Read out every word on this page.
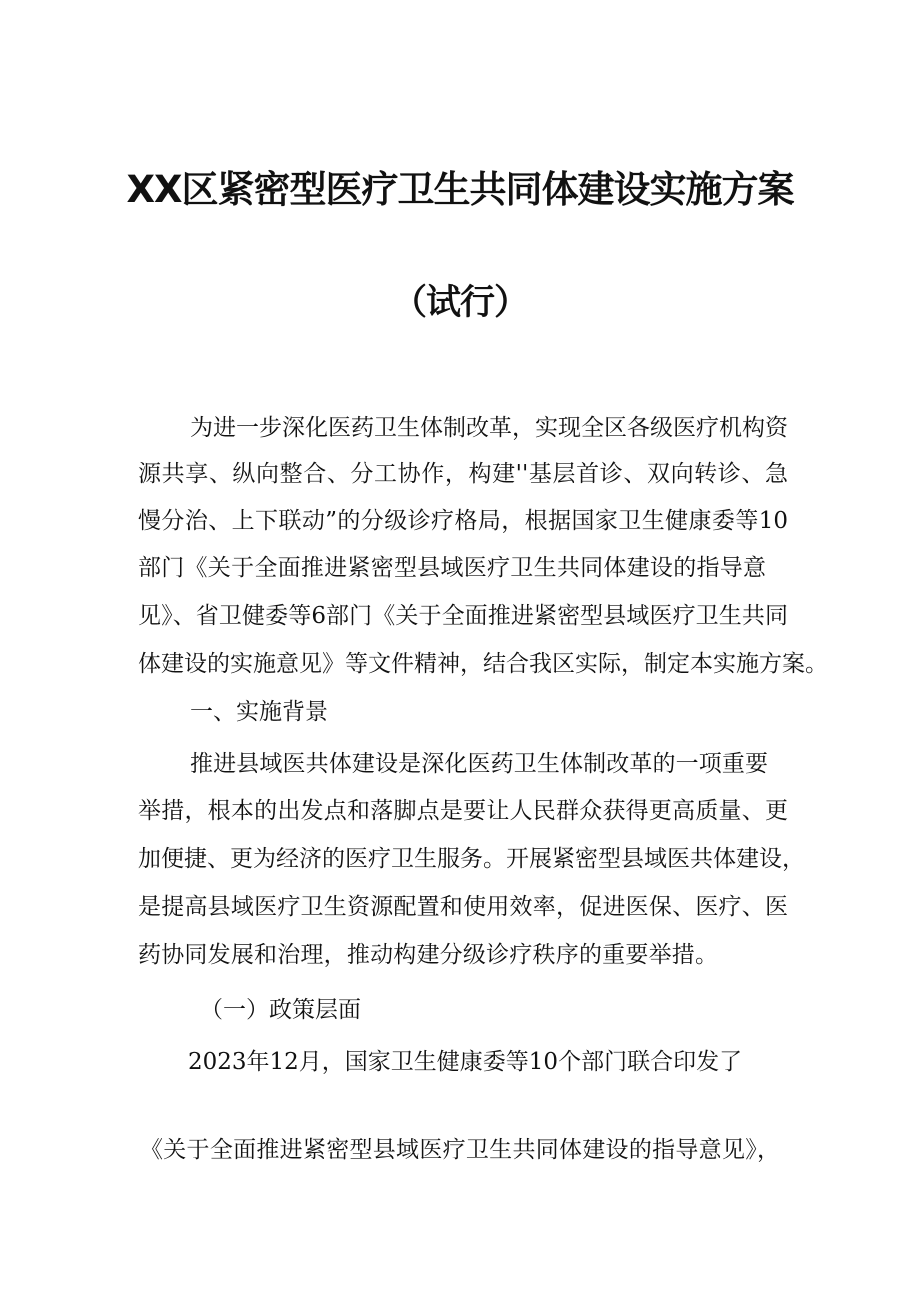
XX区紧密型医疗卫生共同体建设实施方案
（试行）
为进一步深化医药卫生体制改革，实现全区各级医疗机构资
源共享、纵向整合、分工协作，构建''基层首诊、双向转诊、急
慢分治、上下联动”的分级诊疗格局，根据国家卫生健康委等10
部门《关于全面推进紧密型县域医疗卫生共同体建设的指导意
见》、省卫健委等6部门《关于全面推进紧密型县域医疗卫生共同
体建设的实施意见》等文件精神，结合我区实际，制定本实施方案。
一、实施背景
推进县域医共体建设是深化医药卫生体制改革的一项重要
举措，根本的出发点和落脚点是要让人民群众获得更高质量、更
加便捷、更为经济的医疗卫生服务。开展紧密型县域医共体建设，
是提高县域医疗卫生资源配置和使用效率，促进医保、医疗、医
药协同发展和治理，推动构建分级诊疗秩序的重要举措。
（一）政策层面
2023年12月，国家卫生健康委等10个部门联合印发了
《关于全面推进紧密型县域医疗卫生共同体建设的指导意见》，
